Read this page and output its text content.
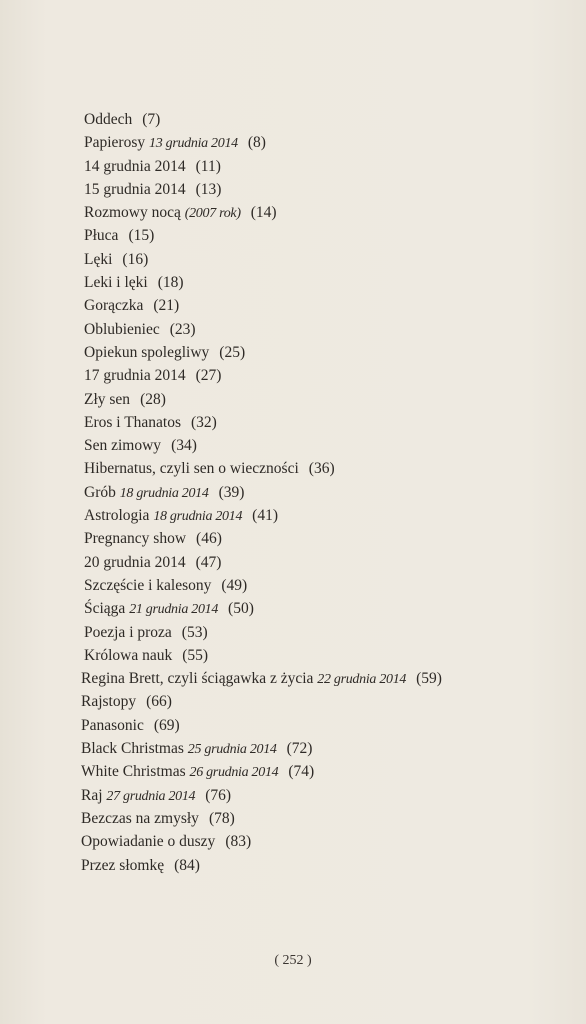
Oddech (7)
Papierosy 13 grudnia 2014 (8)
14 grudnia 2014 (11)
15 grudnia 2014 (13)
Rozmowy nocą (2007 rok) (14)
Płuca (15)
Lęki (16)
Leki i lęki (18)
Gorączka (21)
Oblubieniec (23)
Opiekun spolegliwy (25)
17 grudnia 2014 (27)
Zły sen (28)
Eros i Thanatos (32)
Sen zimowy (34)
Hibernatus, czyli sen o wieczności (36)
Grób 18 grudnia 2014 (39)
Astrologia 18 grudnia 2014 (41)
Pregnancy show (46)
20 grudnia 2014 (47)
Szczęście i kalesony (49)
Ściąga 21 grudnia 2014 (50)
Poezja i proza (53)
Królowa nauk (55)
Regina Brett, czyli ściągawka z życia 22 grudnia 2014 (59)
Rajstopy (66)
Panasonic (69)
Black Christmas 25 grudnia 2014 (72)
White Christmas 26 grudnia 2014 (74)
Raj 27 grudnia 2014 (76)
Bezczas na zmysły (78)
Opowiadanie o duszy (83)
Przez słomkę (84)
( 252 )
